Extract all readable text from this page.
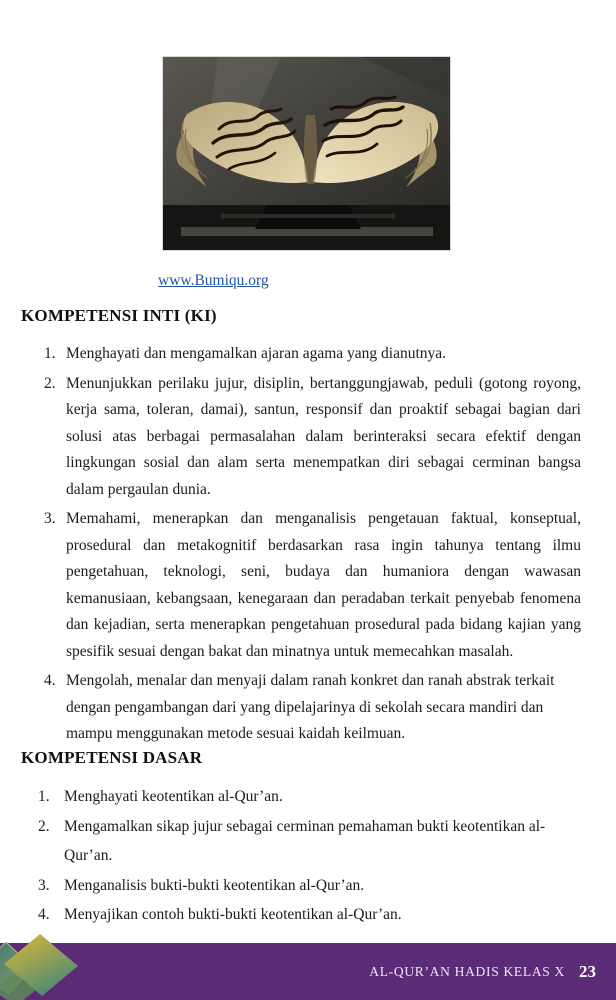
www.Bumiqu.org
KOMPETENSI INTI (KI)
1. Menghayati dan mengamalkan ajaran agama yang dianutnya.
2. Menunjukkan perilaku jujur, disiplin, bertanggungjawab, peduli (gotong royong, kerja sama, toleran, damai), santun, responsif dan proaktif sebagai bagian dari solusi atas berbagai permasalahan dalam berinteraksi secara efektif dengan lingkungan sosial dan alam serta menempatkan diri sebagai cerminan bangsa dalam pergaulan dunia.
3. Memahami, menerapkan dan menganalisis pengetauan faktual, konseptual, prosedural dan metakognitif berdasarkan rasa ingin tahunya tentang ilmu pengetahuan, teknologi, seni, budaya dan humaniora dengan wawasan kemanusiaan, kebangsaan, kenegaraan dan peradaban terkait penyebab fenomena dan kejadian, serta menerapkan pengetahuan prosedural pada bidang kajian yang spesifik sesuai dengan bakat dan minatnya untuk memecahkan masalah.
4. Mengolah, menalar dan menyaji dalam ranah konkret dan ranah abstrak terkait dengan pengambangan dari yang dipelajarinya di sekolah secara mandiri dan mampu menggunakan metode sesuai kaidah keilmuan.
KOMPETENSI DASAR
1. Menghayati keotentikan al-Qur’an.
2. Mengamalkan sikap jujur sebagai cerminan pemahaman bukti keotentikan al-Qur’an.
3. Menganalisis bukti-bukti keotentikan al-Qur’an.
4. Menyajikan contoh bukti-bukti keotentikan al-Qur’an.
AL-QUR’AN HADIS KELAS X 23
